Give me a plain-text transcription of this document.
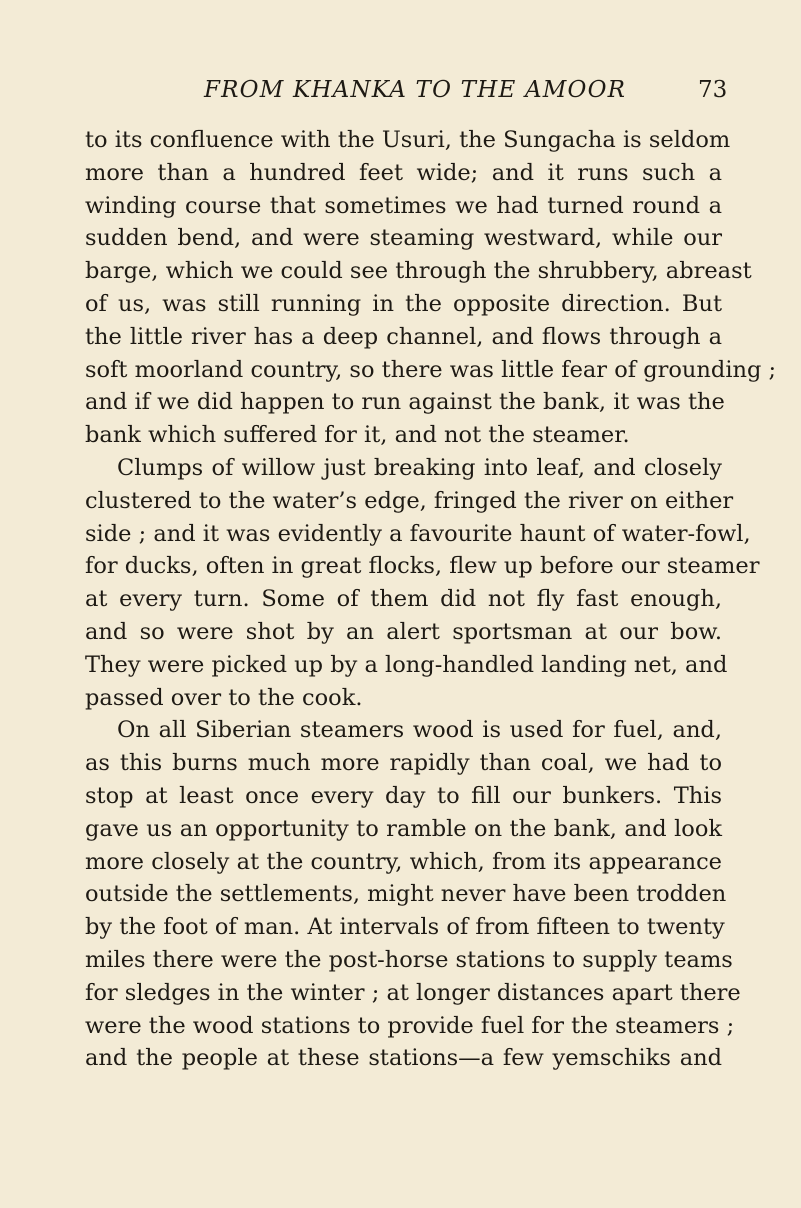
FROM KHANKA TO THE AMOOR	73
to its confluence with the Usuri, the Sungacha is seldom
more than a hundred feet wide; and it runs such a
winding course that sometimes we had turned round a
sudden bend, and were steaming westward, while our
barge, which we could see through the shrubbery, abreast
of us, was still running in the opposite direction. But
the little river has a deep channel, and flows through a
soft moorland country, so there was little fear of grounding ;
and if we did happen to run against the bank, it was the
bank which suffered for it, and not the steamer.
Clumps of willow just breaking into leaf, and closely
clustered to the water’s edge, fringed the river on either
side ; and it was evidently a favourite haunt of water-fowl,
for ducks, often in great flocks, flew up before our steamer
at every turn. Some of them did not fly fast enough,
and so were shot by an alert sportsman at our bow.
They were picked up by a long-handled landing net, and
passed over to the cook.
On all Siberian steamers wood is used for fuel, and,
as this burns much more rapidly than coal, we had to
stop at least once every day to fill our bunkers. This
gave us an opportunity to ramble on the bank, and look
more closely at the country, which, from its appearance
outside the settlements, might never have been trodden
by the foot of man. At intervals of from fifteen to twenty
miles there were the post-horse stations to supply teams
for sledges in the winter ; at longer distances apart there
were the wood stations to provide fuel for the steamers ;
and the people at these stations—a few yemschiks and
